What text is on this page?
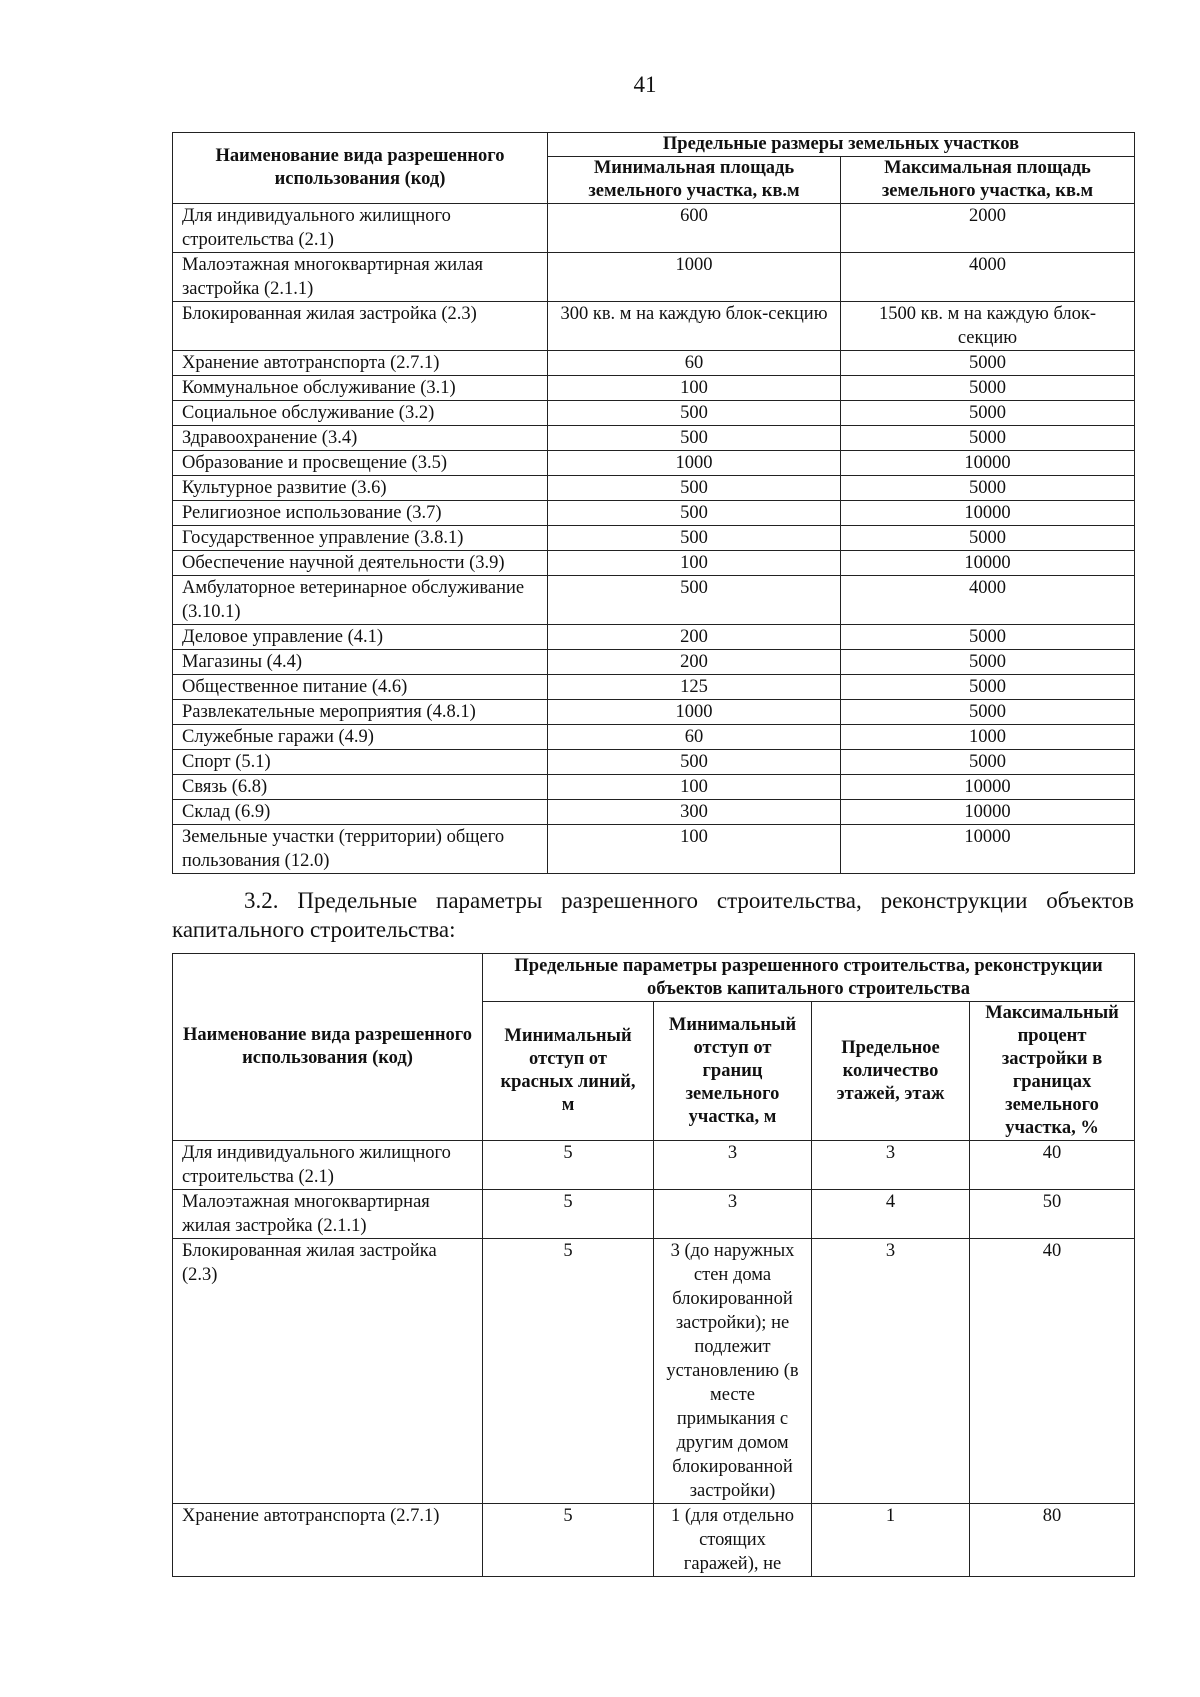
41
Наименование вида разрешенного использования (код)	Предельные размеры земельных участков	
	Минимальная площадь земельного участка, кв.м	Максимальная площадь земельного участка, кв.м
Для индивидуального жилищного строительства (2.1)	600	2000
Малоэтажная многоквартирная жилая застройка (2.1.1)	1000	4000
Блокированная жилая застройка (2.3)	300 кв. м на каждую блок-секцию	1500 кв. м на каждую блок-секцию
Хранение автотранспорта (2.7.1)	60	5000
Коммунальное обслуживание (3.1)	100	5000
Социальное обслуживание (3.2)	500	5000
Здравоохранение (3.4)	500	5000
Образование и просвещение (3.5)	1000	10000
Культурное развитие (3.6)	500	5000
Религиозное использование (3.7)	500	10000
Государственное управление (3.8.1)	500	5000
Обеспечение научной деятельности (3.9)	100	10000
Амбулаторное ветеринарное обслуживание (3.10.1)	500	4000
Деловое управление (4.1)	200	5000
Магазины (4.4)	200	5000
Общественное питание (4.6)	125	5000
Развлекательные мероприятия (4.8.1)	1000	5000
Служебные гаражи (4.9)	60	1000
Спорт (5.1)	500	5000
Связь (6.8)	100	10000
Склад (6.9)	300	10000
Земельные участки (территории) общего пользования (12.0)	100	10000

3.2. Предельные параметры разрешенного строительства, реконструкции объектов капитального строительства:

Наименование вида разрешенного использования (код)	Предельные параметры разрешенного строительства, реконструкции объектов капитального строительства			
	Минимальный отступ от красных линий, м	Минимальный отступ от границ земельного участка, м	Предельное количество этажей, этаж	Максимальный процент застройки в границах земельного участка, %
Для индивидуального жилищного строительства (2.1)	5	3	3	40
Малоэтажная многоквартирная жилая застройка (2.1.1)	5	3	4	50
Блокированная жилая застройка (2.3)	5	3 (до наружных стен дома блокированной застройки); не подлежит установлению (в месте примыкания с другим домом блокированной застройки)	3	40
Хранение автотранспорта (2.7.1)	5	1 (для отдельно стоящих гаражей), не	1	80
